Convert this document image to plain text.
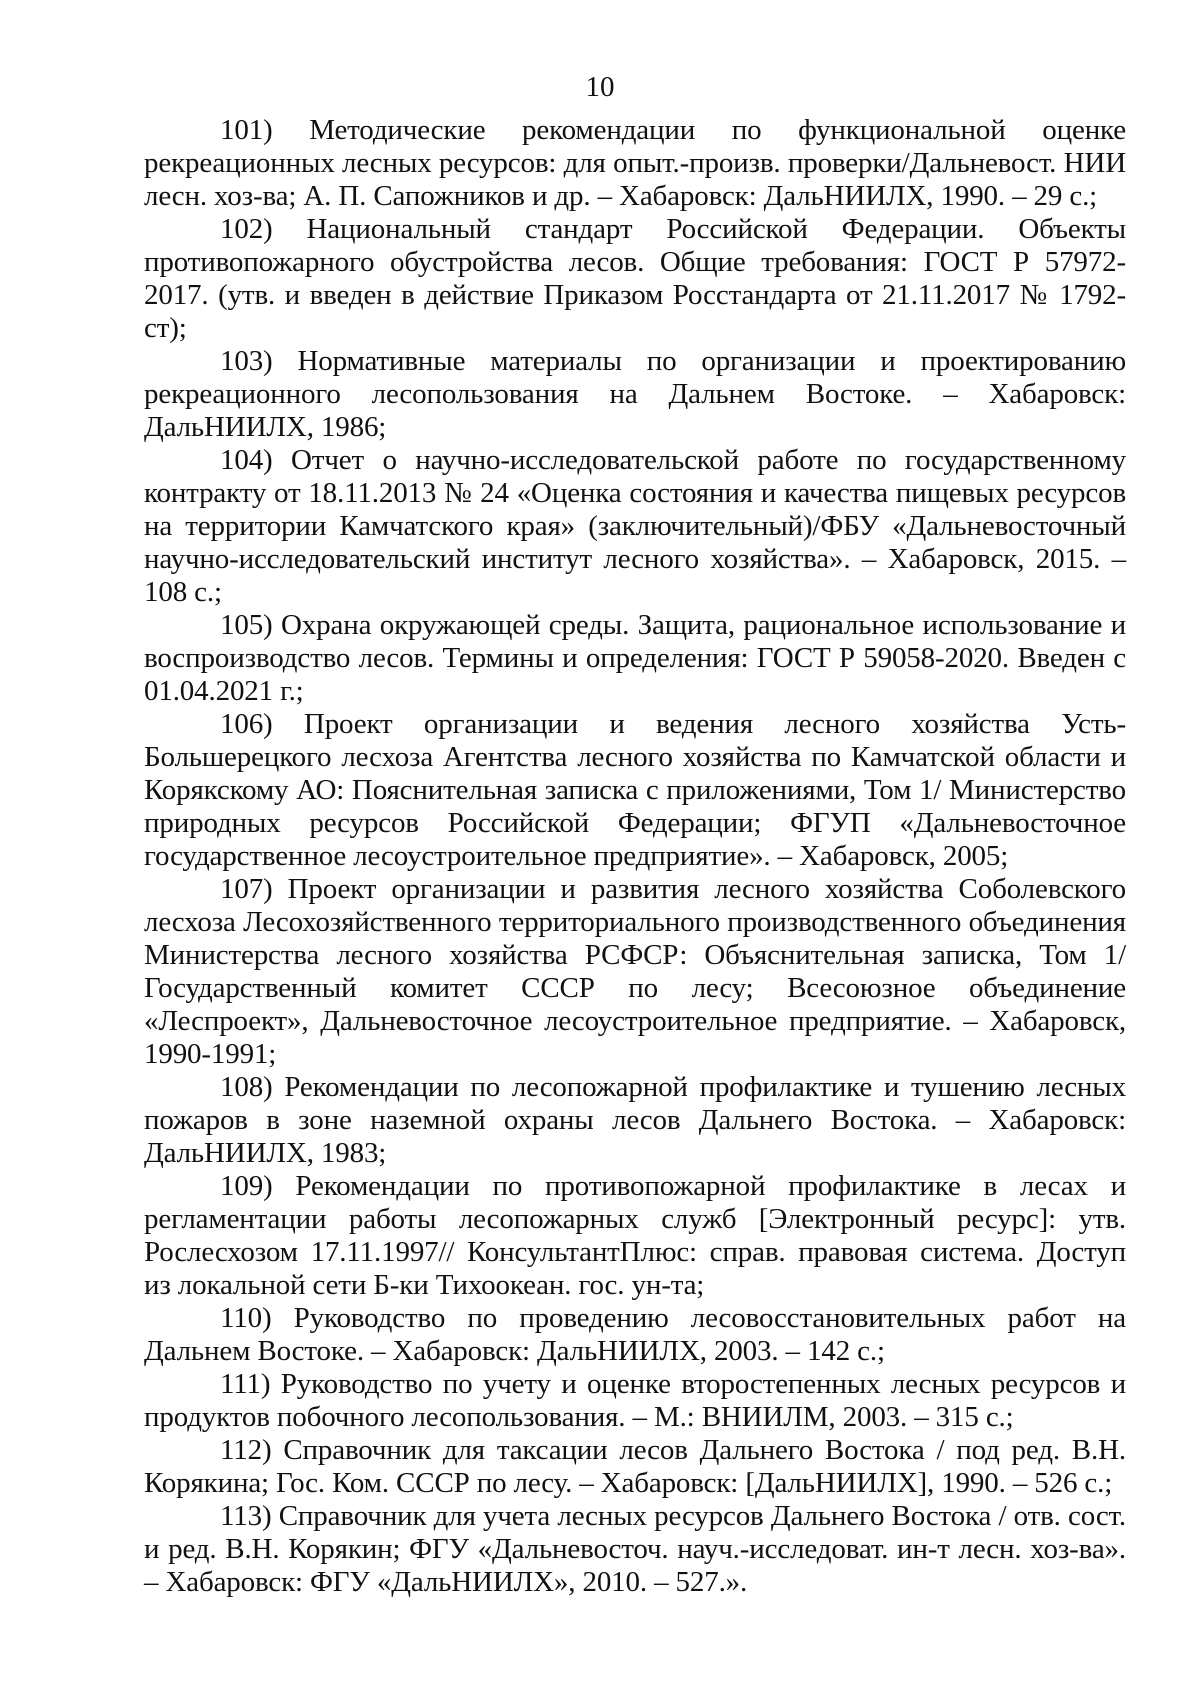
10

101) Методические рекомендации по функциональной оценке рекреационных лесных ресурсов: для опыт.-произв. проверки/Дальневост. НИИ лесн. хоз-ва; А. П. Сапожников и др. – Хабаровск: ДальНИИЛХ, 1990. – 29 с.;

102) Национальный стандарт Российской Федерации. Объекты противопожарного обустройства лесов. Общие требования: ГОСТ Р 57972-2017. (утв. и введен в действие Приказом Росстандарта от 21.11.2017 № 1792-ст);

103) Нормативные материалы по организации и проектированию рекреационного лесопользования на Дальнем Востоке. – Хабаровск: ДальНИИЛХ, 1986;

104) Отчет о научно-исследовательской работе по государственному контракту от 18.11.2013 № 24 «Оценка состояния и качества пищевых ресурсов на территории Камчатского края» (заключительный)/ФБУ «Дальневосточный научно-исследовательский институт лесного хозяйства». – Хабаровск, 2015. – 108 с.;

105) Охрана окружающей среды. Защита, рациональное использование и воспроизводство лесов. Термины и определения: ГОСТ Р 59058-2020. Введен с 01.04.2021 г.;

106) Проект организации и ведения лесного хозяйства Усть-Большерецкого лесхоза Агентства лесного хозяйства по Камчатской области и Корякскому АО: Пояснительная записка с приложениями, Том 1/ Министерство природных ресурсов Российской Федерации; ФГУП «Дальневосточное государственное лесоустроительное предприятие». – Хабаровск, 2005;

107) Проект организации и развития лесного хозяйства Соболевского лесхоза Лесохозяйственного территориального производственного объединения Министерства лесного хозяйства РСФСР: Объяснительная записка, Том 1/ Государственный комитет СССР по лесу; Всесоюзное объединение «Леспроект», Дальневосточное лесоустроительное предприятие. – Хабаровск, 1990-1991;

108) Рекомендации по лесопожарной профилактике и тушению лесных пожаров в зоне наземной охраны лесов Дальнего Востока. – Хабаровск: ДальНИИЛХ, 1983;

109) Рекомендации по противопожарной профилактике в лесах и регламентации работы лесопожарных служб [Электронный ресурс]: утв. Рослесхозом 17.11.1997// КонсультантПлюс: справ. правовая система. Доступ из локальной сети Б-ки Тихоокеан. гос. ун-та;

110) Руководство по проведению лесовосстановительных работ на Дальнем Востоке. – Хабаровск: ДальНИИЛХ, 2003. – 142 с.;

111) Руководство по учету и оценке второстепенных лесных ресурсов и продуктов побочного лесопользования. – М.: ВНИИЛМ, 2003. – 315 с.;

112) Справочник для таксации лесов Дальнего Востока / под ред. В.Н. Корякина; Гос. Ком. СССР по лесу. – Хабаровск: [ДальНИИЛХ], 1990. – 526 с.;

113) Справочник для учета лесных ресурсов Дальнего Востока / отв. сост. и ред. В.Н. Корякин; ФГУ «Дальневосточ. науч.-исследоват. ин-т лесн. хоз-ва». – Хабаровск: ФГУ «ДальНИИЛХ», 2010. – 527.».
